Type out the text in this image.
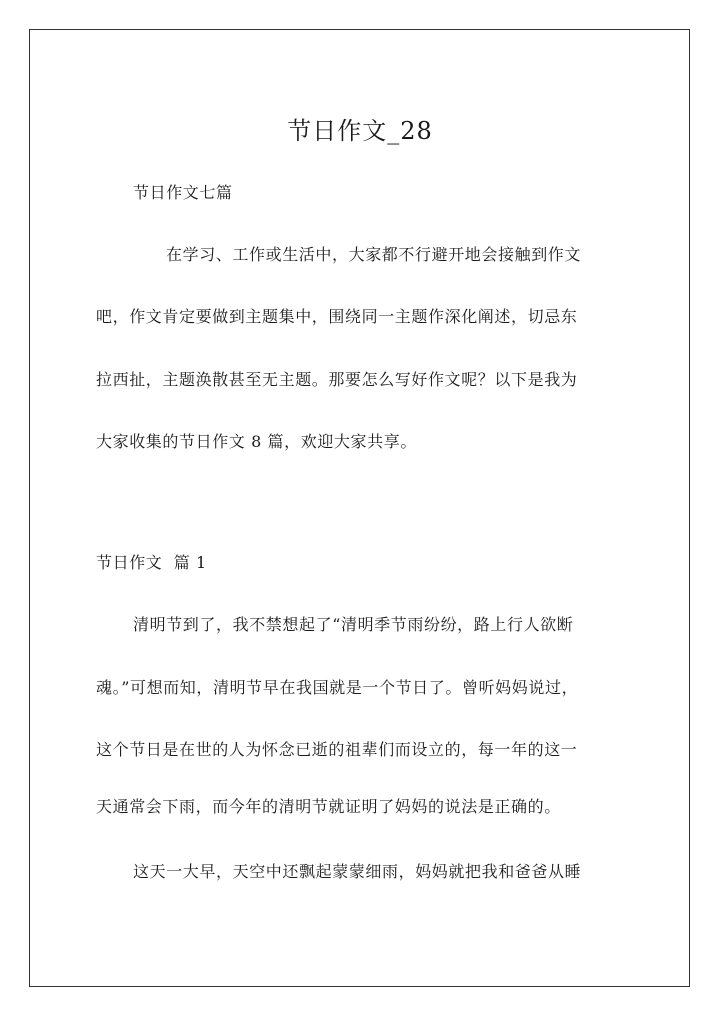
节日作文_28
节日作文七篇
在学习、工作或生活中，大家都不行避开地会接触到作文
吧，作文肯定要做到主题集中，围绕同一主题作深化阐述，切忌东
拉西扯，主题涣散甚至无主题。那要怎么写好作文呢？以下是我为
大家收集的节日作文 8 篇，欢迎大家共享。
节日作文  篇 1
清明节到了，我不禁想起了“清明季节雨纷纷，路上行人欲断
魂。”可想而知，清明节早在我国就是一个节日了。曾听妈妈说过，
这个节日是在世的人为怀念已逝的祖辈们而设立的，每一年的这一
天通常会下雨，而今年的清明节就证明了妈妈的说法是正确的。
这天一大早，天空中还飘起蒙蒙细雨，妈妈就把我和爸爸从睡
